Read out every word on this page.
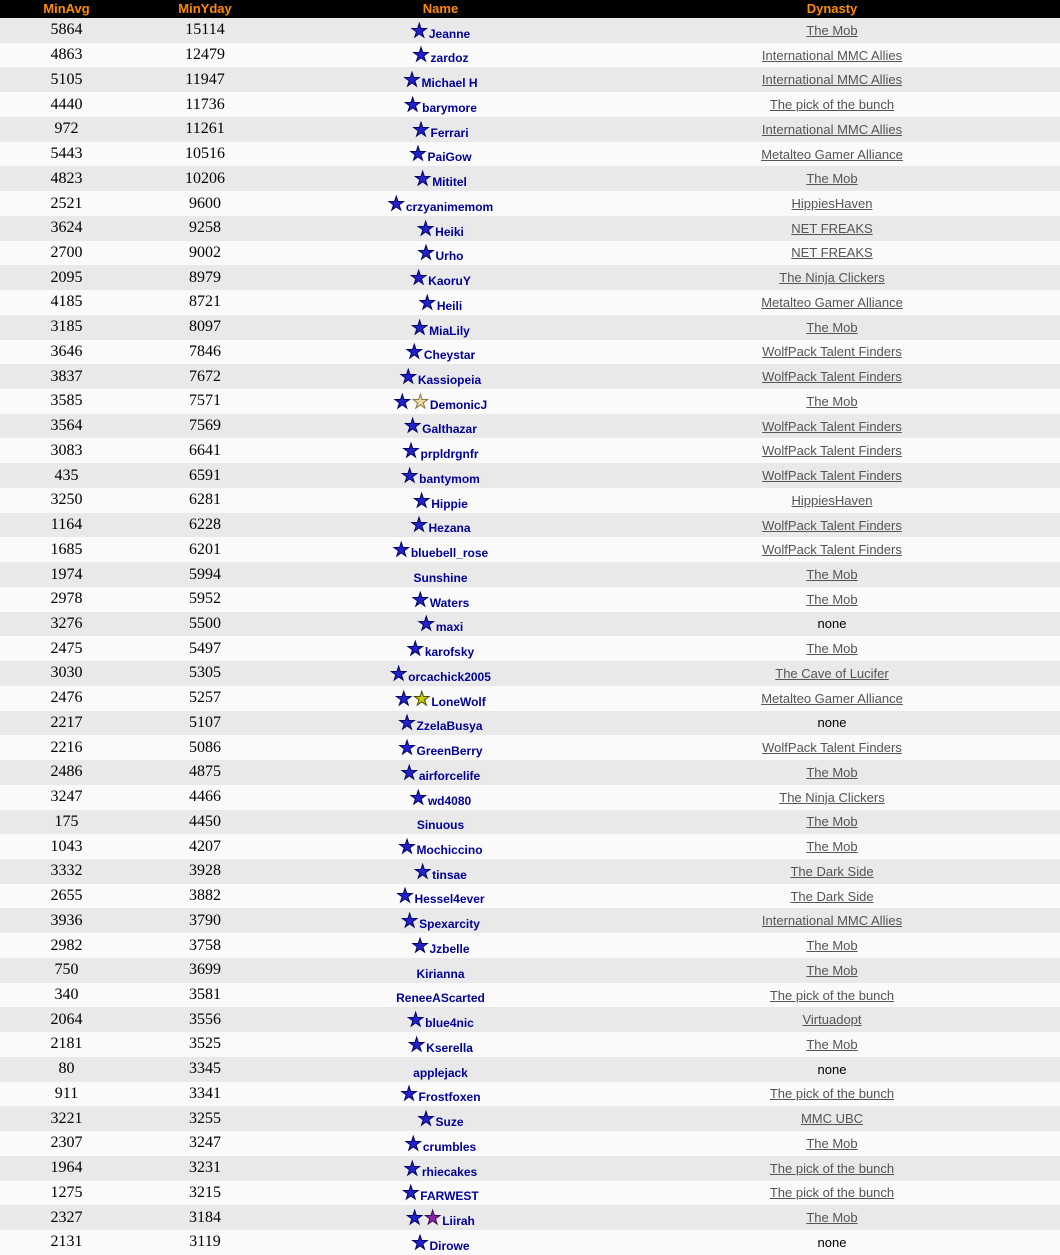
MinAvg	MinYday	Name	Dynasty
5864	15114	★ Jeanne	The Mob
4863	12479	★ zardoz	International MMC Allies
5105	11947	★ Michael H	International MMC Allies
4440	11736	★ barymore	The pick of the bunch
972	11261	★ Ferrari	International MMC Allies
5443	10516	★ PaiGow	Metalteo Gamer Alliance
4823	10206	★ Mititel	The Mob
2521	9600	★ crzyanimemom	HippiesHaven
3624	9258	★ Heiki	NET FREAKS
2700	9002	★ Urho	NET FREAKS
2095	8979	★ KaoruY	The Ninja Clickers
4185	8721	★ Heili	Metalteo Gamer Alliance
3185	8097	★ MiaLily	The Mob
3646	7846	★ Cheystar	WolfPack Talent Finders
3837	7672	★ Kassiopeia	WolfPack Talent Finders
3585	7571	★★ DemonicJ	The Mob
3564	7569	★ Galthazar	WolfPack Talent Finders
3083	6641	★ prpldrgnfr	WolfPack Talent Finders
435	6591	★ bantymom	WolfPack Talent Finders
3250	6281	★ Hippie	HippiesHaven
1164	6228	★ Hezana	WolfPack Talent Finders
1685	6201	★ bluebell_rose	WolfPack Talent Finders
1974	5994	Sunshine	The Mob
2978	5952	★ Waters	The Mob
3276	5500	★ maxi	none
2475	5497	★ karofsky	The Mob
3030	5305	★ orcachick2005	The Cave of Lucifer
2476	5257	★★ LoneWolf	Metalteo Gamer Alliance
2217	5107	★ ZzelaBusya	none
2216	5086	★ GreenBerry	WolfPack Talent Finders
2486	4875	★ airforcelife	The Mob
3247	4466	★ wd4080	The Ninja Clickers
175	4450	Sinuous	The Mob
1043	4207	★ Mochiccino	The Mob
3332	3928	★ tinsae	The Dark Side
2655	3882	★ Hessel4ever	The Dark Side
3936	3790	★ Spexarcity	International MMC Allies
2982	3758	★ Jzbelle	The Mob
750	3699	Kirianna	The Mob
340	3581	ReneeAScarted	The pick of the bunch
2064	3556	★ blue4nic	Virtuadopt
2181	3525	★ Kserella	The Mob
80	3345	applejack	none
911	3341	★ Frostfoxen	The pick of the bunch
3221	3255	★ Suze	MMC UBC
2307	3247	★ crumbles	The Mob
1964	3231	★ rhiecakes	The pick of the bunch
1275	3215	★ FARWEST	The pick of the bunch
2327	3184	★★ Liirah	The Mob
2131	3119	★ Dirowe	none
